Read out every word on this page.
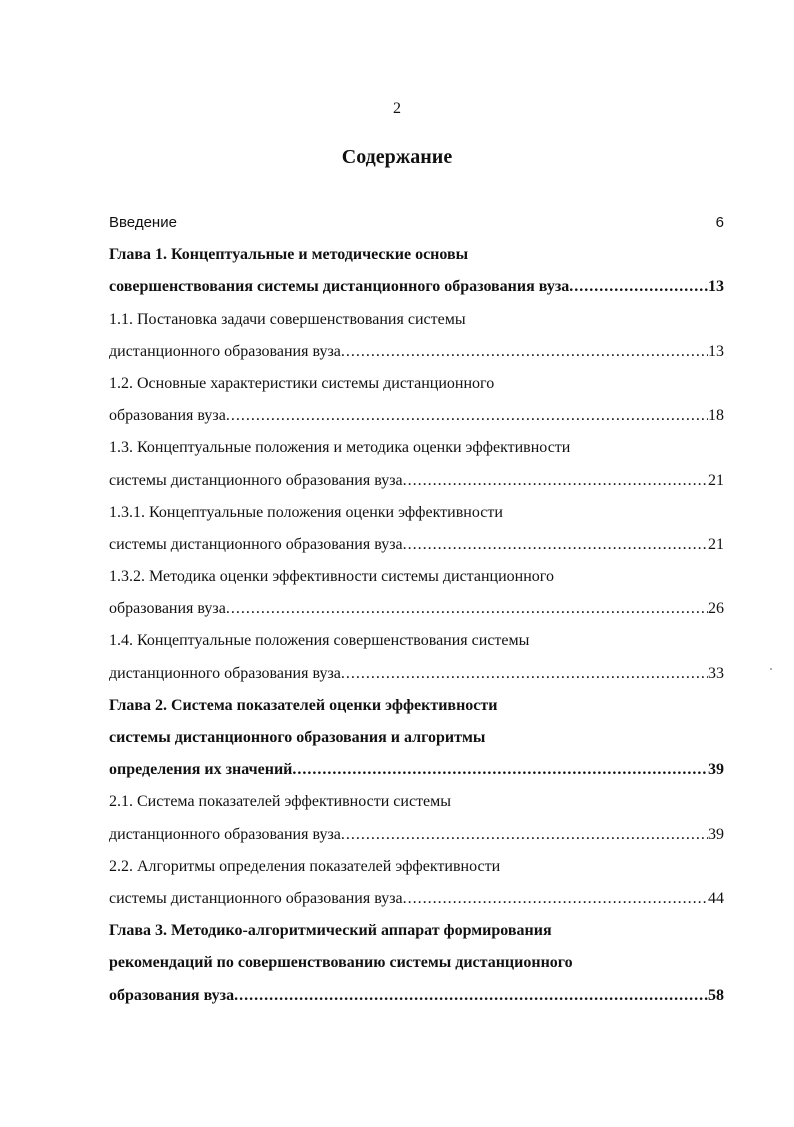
2
Содержание
Введение	6
Глава 1. Концептуальные и методические основы
совершенствования системы дистанционного образования вуза .....	13
1.1. Постановка задачи совершенствования системы
дистанционного образования вуза .....	13
1.2. Основные характеристики системы дистанционного
образования вуза .....	18
1.3. Концептуальные положения и методика оценки эффективности
системы дистанционного образования вуза .....	21
1.3.1. Концептуальные положения оценки эффективности
системы дистанционного образования вуза .....	21
1.3.2. Методика оценки эффективности системы дистанционного
образования вуза .....	26
1.4. Концептуальные положения совершенствования системы
дистанционного образования вуза .....	33
Глава 2. Система показателей оценки эффективности
системы дистанционного образования и алгоритмы
определения их значений .....	39
2.1. Система показателей эффективности системы
дистанционного образования вуза .....	39
2.2. Алгоритмы определения показателей эффективности
системы дистанционного образования вуза .....	44
Глава 3. Методико-алгоритмический аппарат формирования
рекомендаций по совершенствованию системы дистанционного
образования вуза .....	58
